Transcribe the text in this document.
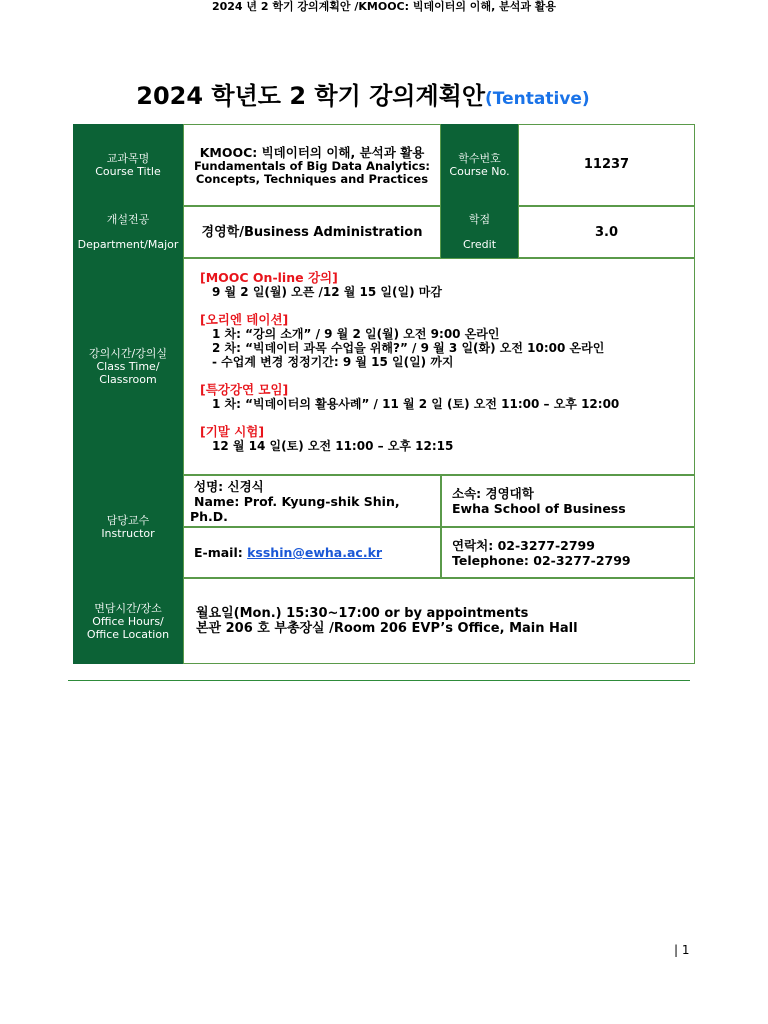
2024 년 2 학기 강의계획안 /KMOOC: 빅데이터의 이해, 분석과 활용
2024 학년도 2 학기 강의계획안(Tentative)
교과목명
Course Title
KMOOC: 빅데이터의 이해, 분석과 활용
Fundamentals of Big Data Analytics:
Concepts, Techniques and Practices
학수번호
Course No.	11237
개설전공
Department/Major
경영학/Business Administration
학점
Credit
3.0
강의시간/강의실
Class Time/
Classroom
[MOOC On-line 강의]
9 월 2 일(월) 오픈 /12 월 15 일(일) 마감
[오리엔 테이션]
1 차: “강의 소개” / 9 월 2 일(월) 오전 9:00 온라인
2 차: “빅데이터 과목 수업을 위해?” / 9 월 3 일(화) 오전 10:00 온라인
- 수업계 변경 정정기간: 9 월 15 일(일) 까지
[특강강연 모임]
1 차: “빅데이터의 활용사례” / 11 월 2 일 (토) 오전 11:00 – 오후 12:00
[기말 시험]
12 월 14 일(토) 오전 11:00 – 오후 12:15
담당교수
Instructor
성명: 신경식
Name: Prof. Kyung-shik Shin,
Ph.D.
소속: 경영대학
Ewha School of Business
E-mail: ksshin@ewha.ac.kr	연락처: 02-3277-2799
Telephone: 02-3277-2799
면담시간/장소
Office Hours/
Office Location
월요일(Mon.) 15:30~17:00 or by appointments
본관 206 호 부총장실 /Room 206 EVP’s Office, Main Hall
| 1
